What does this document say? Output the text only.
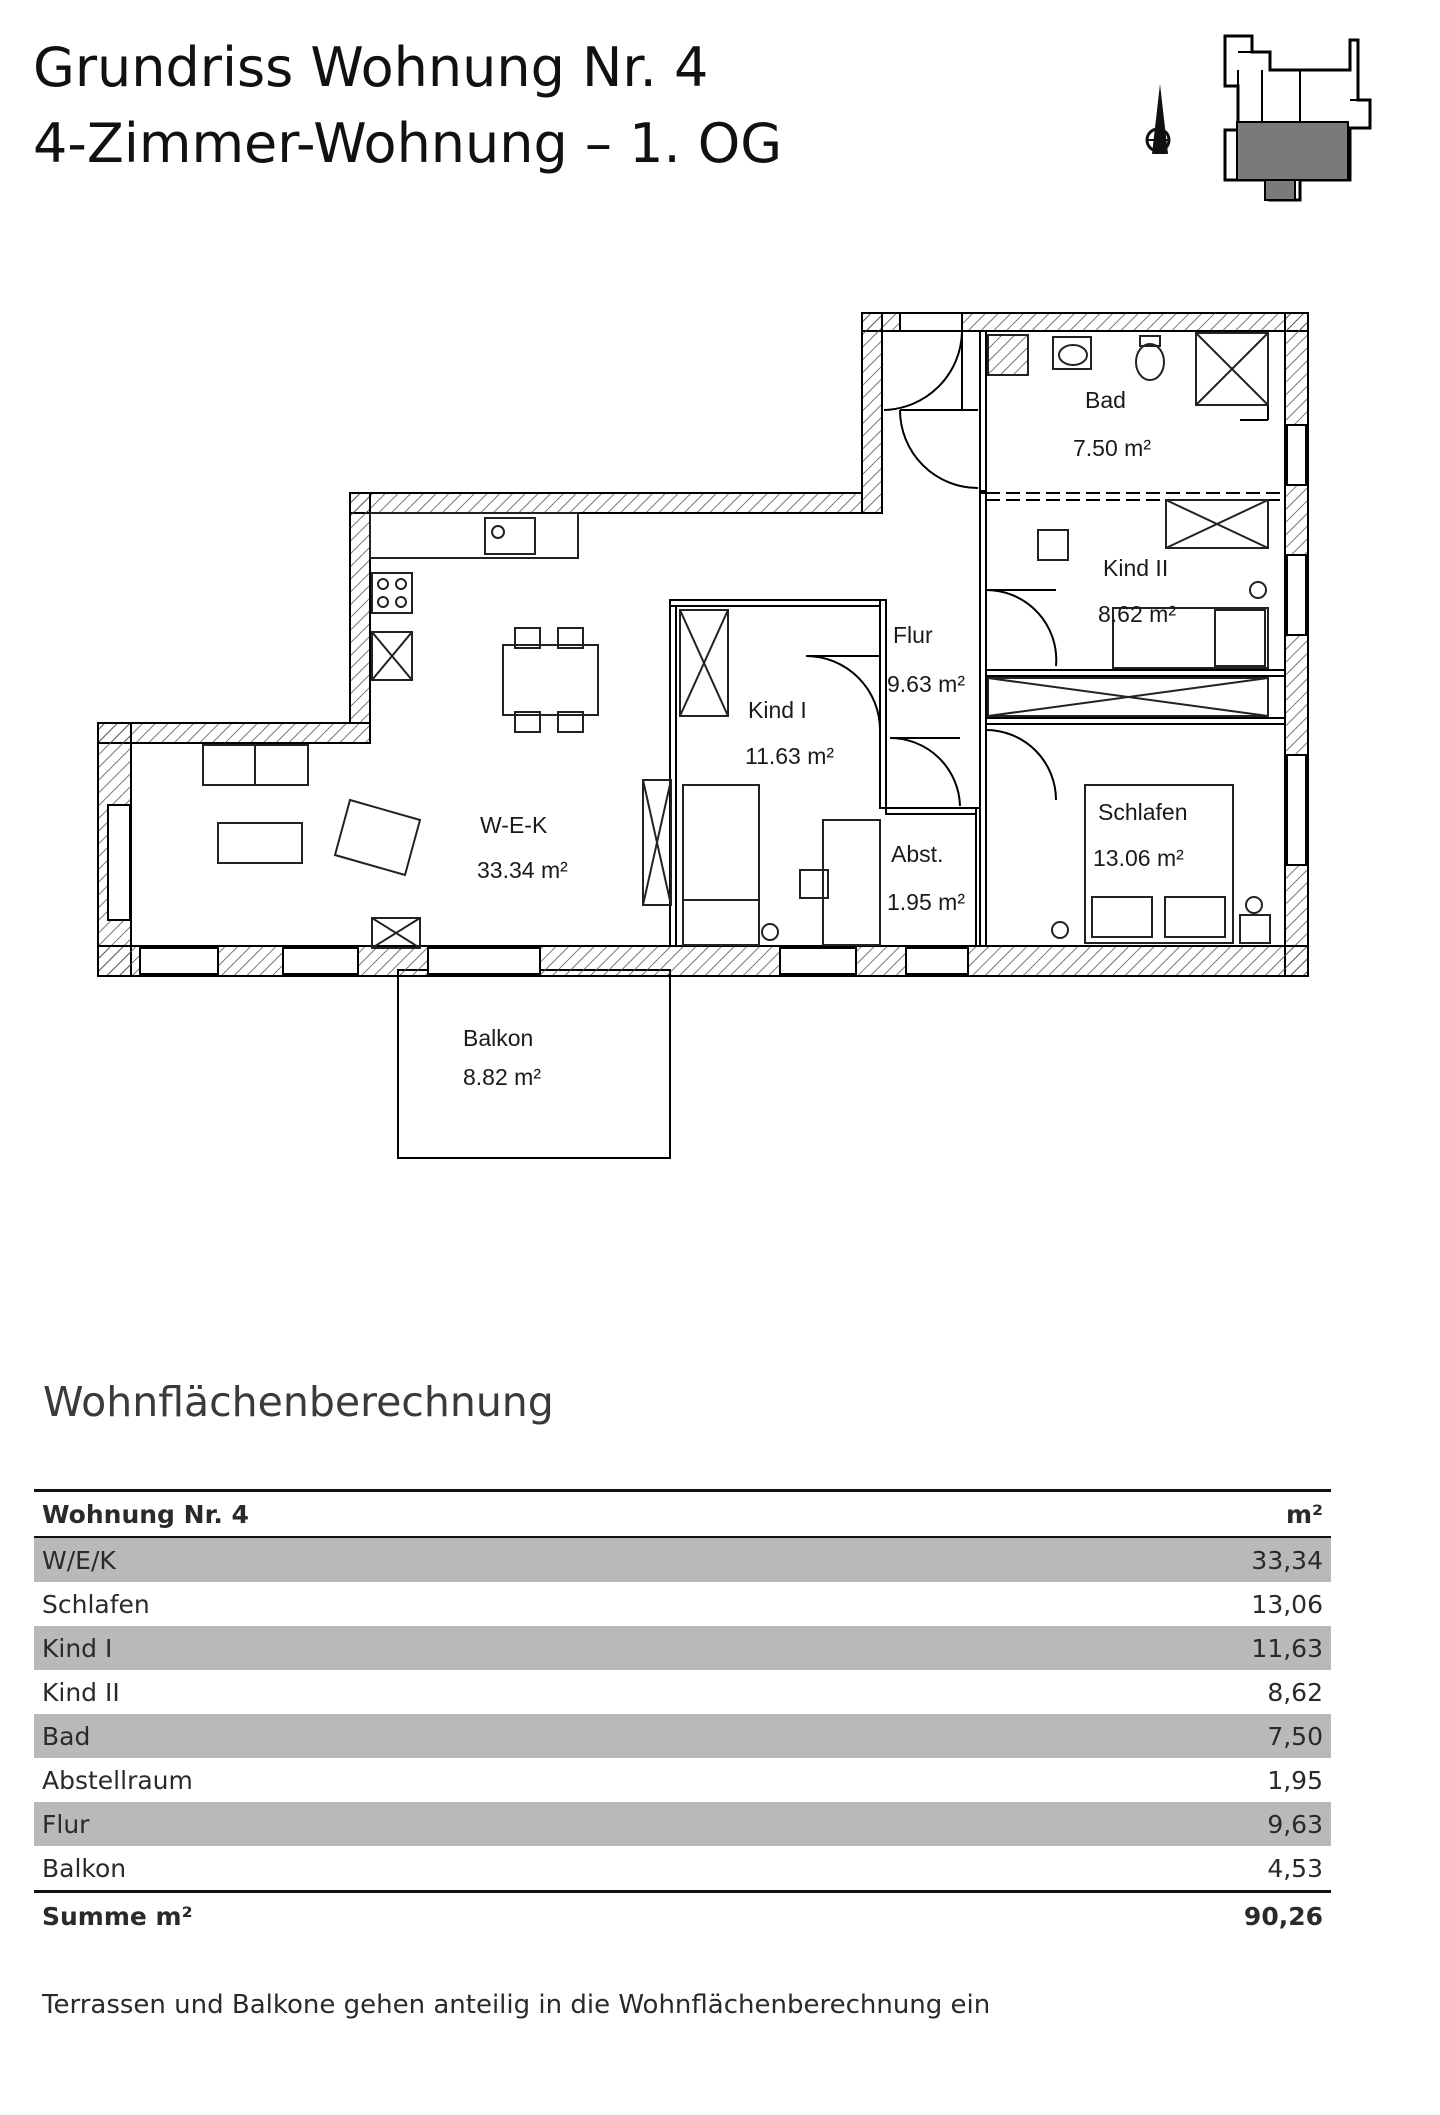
Grundriss Wohnung Nr. 4
4-Zimmer-Wohnung – 1. OG
Bad
7.50 m²
Kind II
8.62 m²
Flur
9.63 m²
Kind I
11.63 m²
W-E-K
33.34 m²
Schlafen
13.06 m²
Abst.
1.95 m²
Balkon
8.82 m²
Wohnflächenberechnung
Wohnung Nr. 4	m²
W/E/K	33,34
Schlafen	13,06
Kind I	11,63
Kind II	8,62
Bad	7,50
Abstellraum	1,95
Flur	9,63
Balkon	4,53
Summe m²	90,26
Terrassen und Balkone gehen anteilig in die Wohnflächenberechnung ein
